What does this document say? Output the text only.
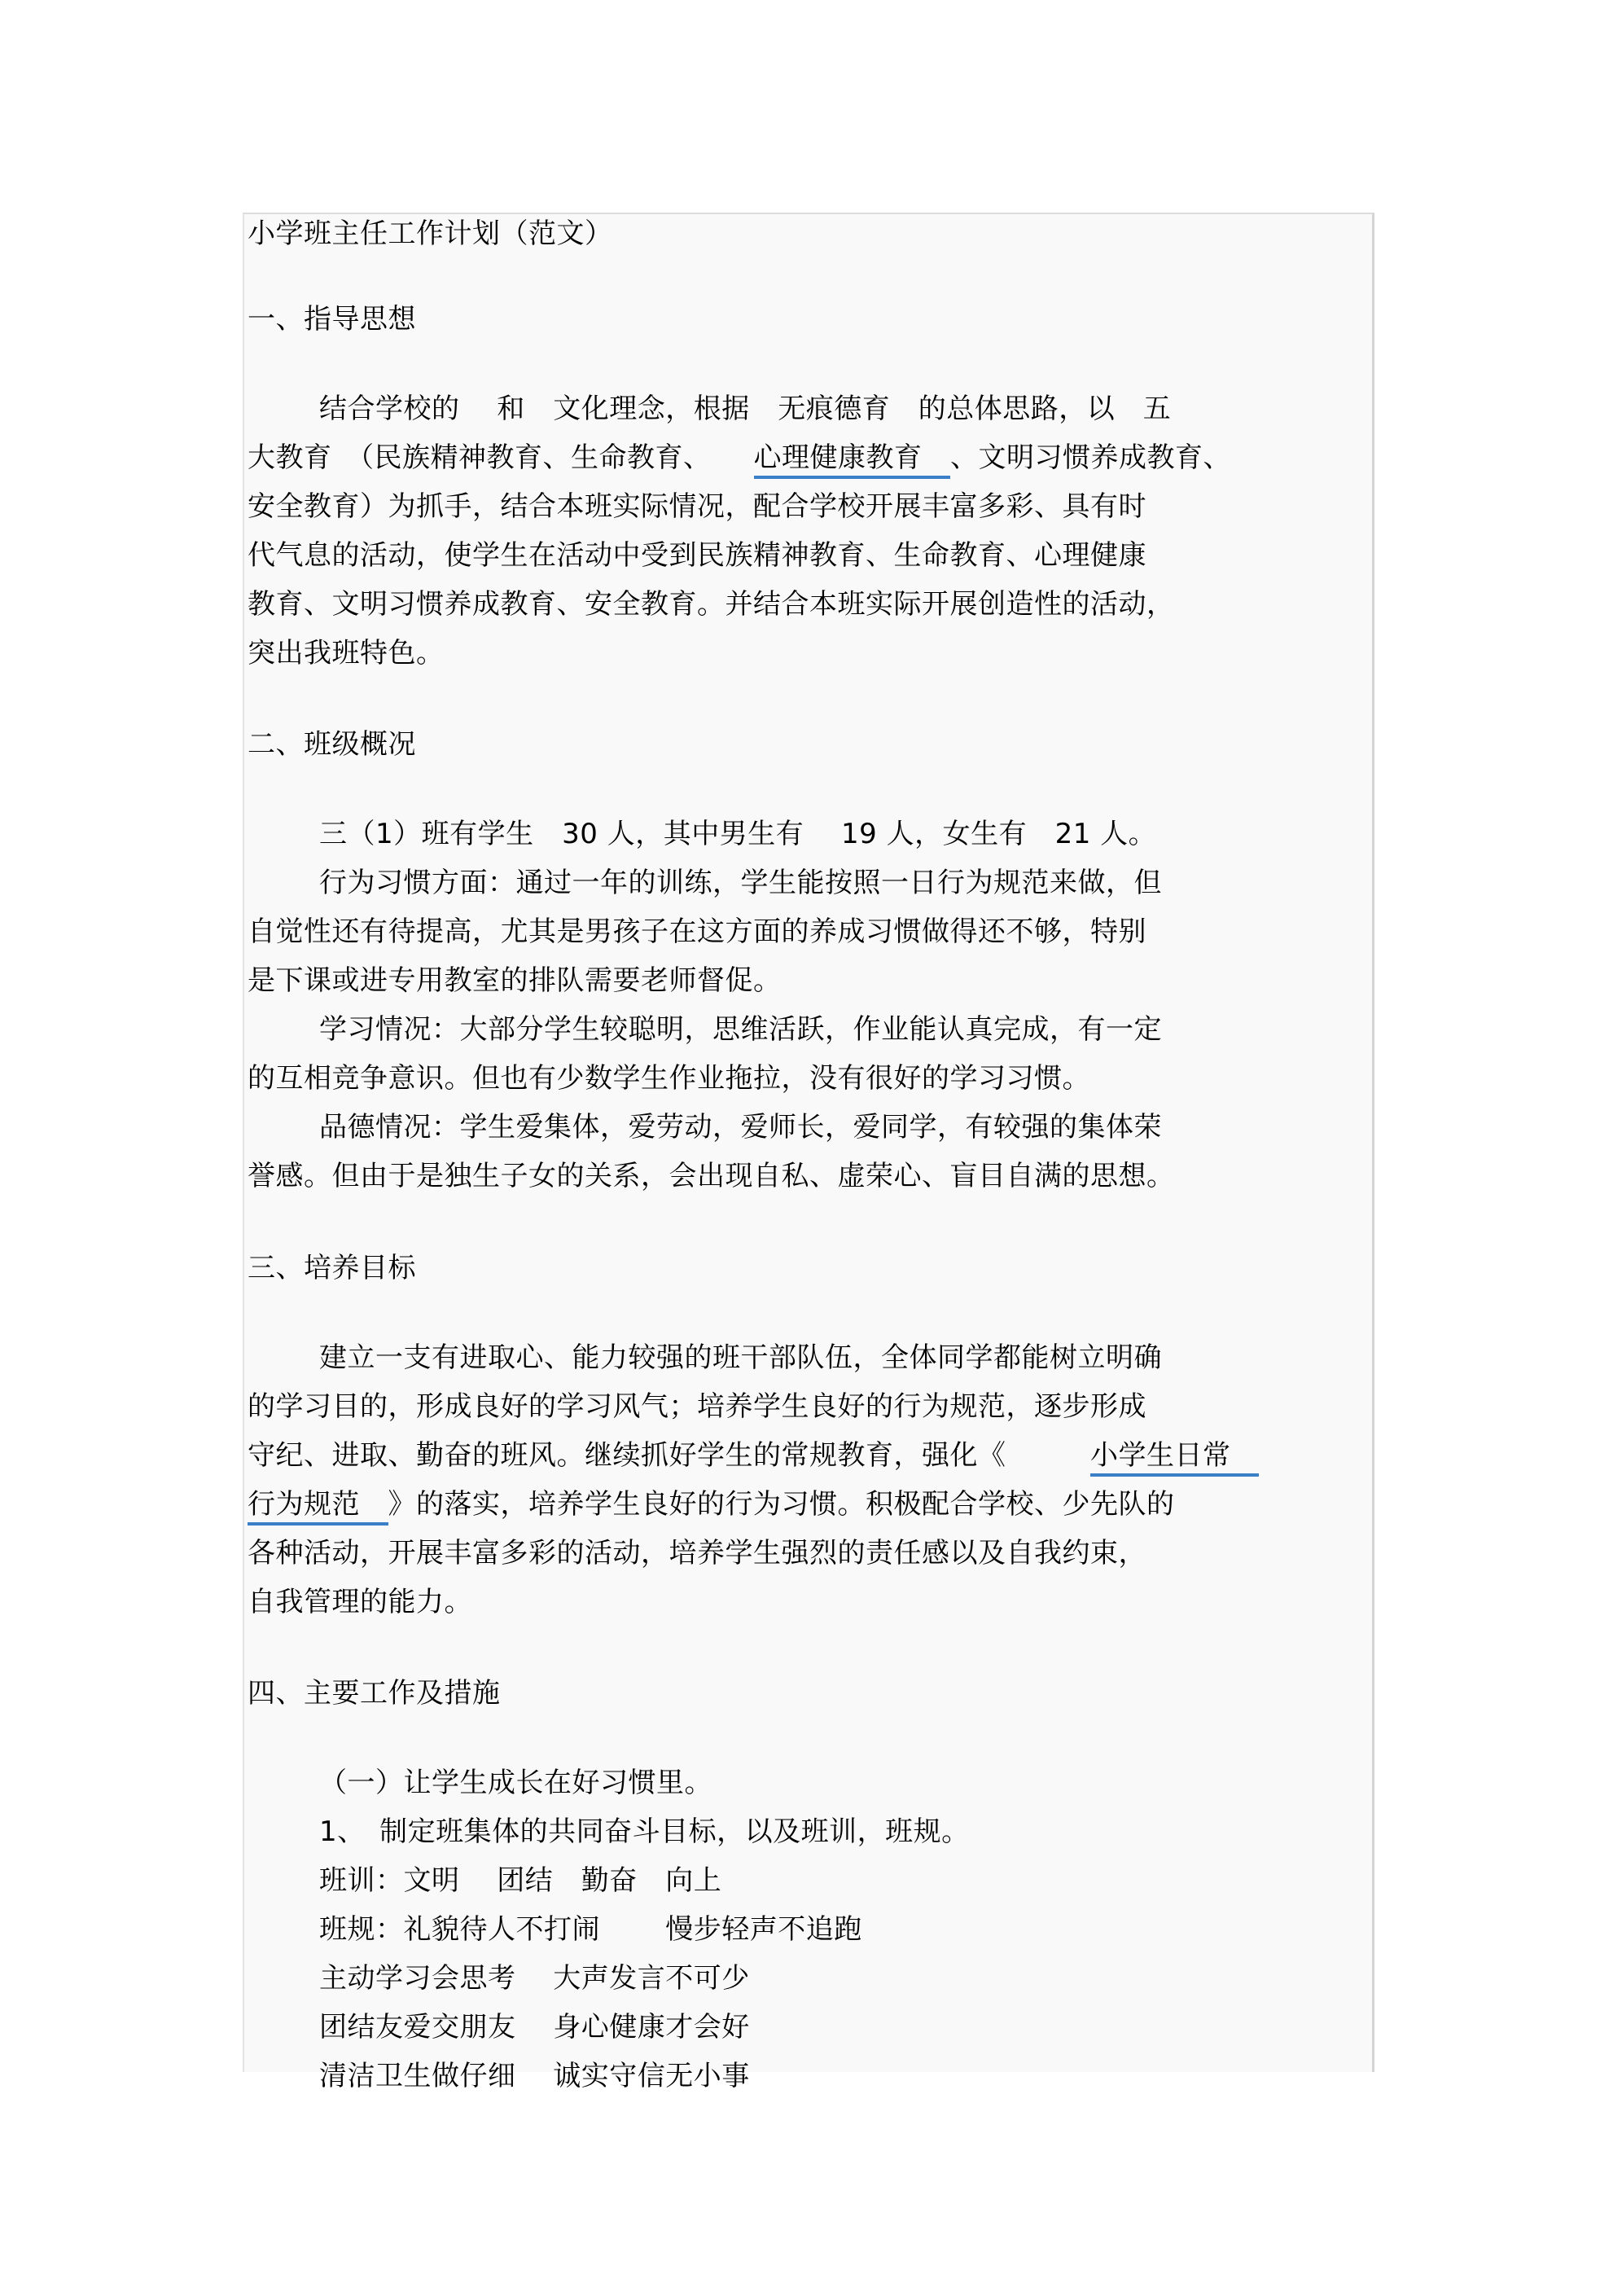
小学班主任工作计划（范文）
一、指导思想
结合学校的　 和　文化理念，根据　无痕德育　的总体思路，以　五
大教育　（民族精神教育、生命教育、　　心理健康教育　、文明习惯养成教育、
安全教育）为抓手，结合本班实际情况，配合学校开展丰富多彩、具有时
代气息的活动，使学生在活动中受到民族精神教育、生命教育、心理健康
教育、文明习惯养成教育、安全教育。并结合本班实际开展创造性的活动，
突出我班特色。
二、班级概况
三（1）班有学生　30 人，其中男生有　 19 人，女生有　21 人。
行为习惯方面：通过一年的训练，学生能按照一日行为规范来做，但
自觉性还有待提高，尤其是男孩子在这方面的养成习惯做得还不够，特别
是下课或进专用教室的排队需要老师督促。
学习情况：大部分学生较聪明，思维活跃，作业能认真完成，有一定
的互相竞争意识。但也有少数学生作业拖拉，没有很好的学习习惯。
品德情况：学生爱集体，爱劳动，爱师长，爱同学，有较强的集体荣
誉感。但由于是独生子女的关系，会出现自私、虚荣心、盲目自满的思想。
三、培养目标
建立一支有进取心、能力较强的班干部队伍，全体同学都能树立明确
的学习目的，形成良好的学习风气；培养学生良好的行为规范，逐步形成
守纪、进取、勤奋的班风。继续抓好学生的常规教育，强化《　　　小学生日常　
行为规范　》的落实，培养学生良好的行为习惯。积极配合学校、少先队的
各种活动，开展丰富多彩的活动，培养学生强烈的责任感以及自我约束，
自我管理的能力。
四、主要工作及措施
（一）让学生成长在好习惯里。
1、　制定班集体的共同奋斗目标，以及班训，班规。
班训：文明　 团结　勤奋　向上
班规：礼貌待人不打闹　　 慢步轻声不追跑
主动学习会思考　 大声发言不可少
团结友爱交朋友　 身心健康才会好
清洁卫生做仔细　 诚实守信无小事
